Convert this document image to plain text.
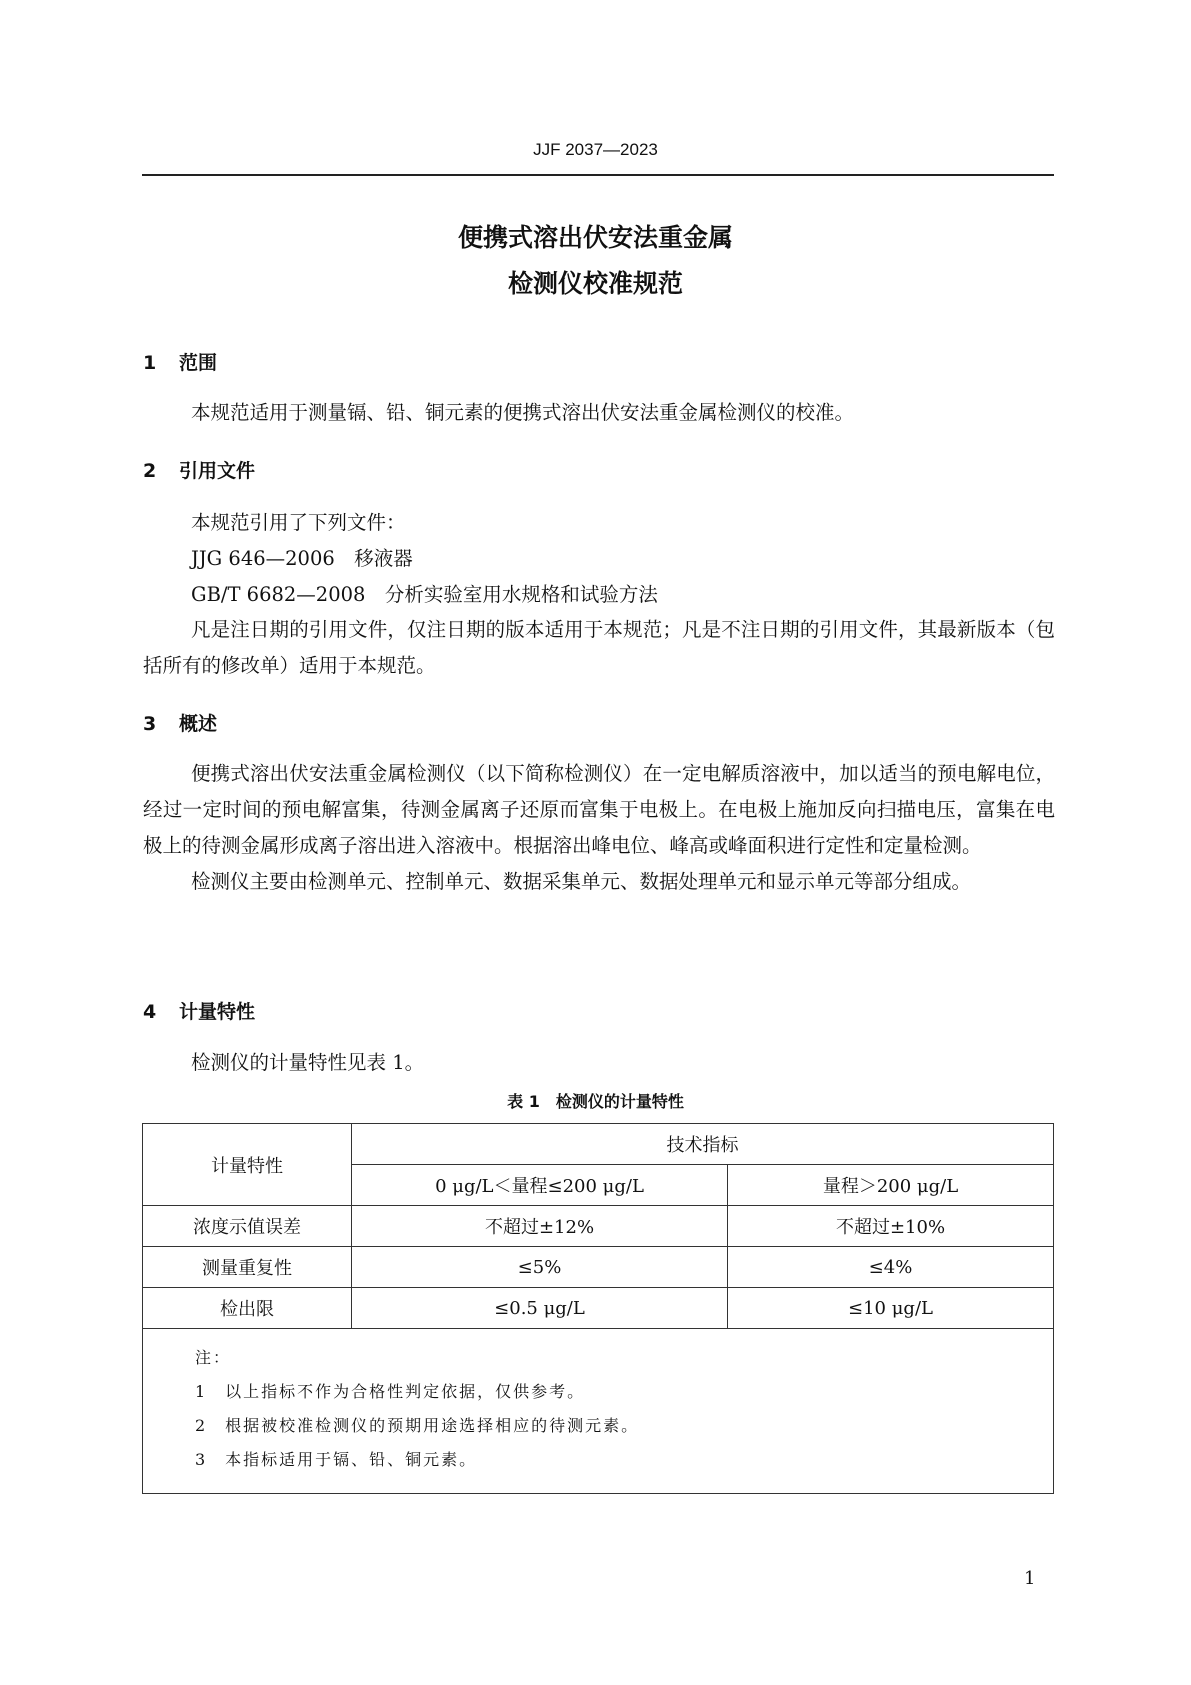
JJF 2037—2023
便携式溶出伏安法重金属
检测仪校准规范
1 范围
本规范适用于测量镉、铅、铜元素的便携式溶出伏安法重金属检测仪的校准。
2 引用文件
本规范引用了下列文件：
JJG 646—2006　移液器
GB/T 6682—2008　分析实验室用水规格和试验方法
凡是注日期的引用文件，仅注日期的版本适用于本规范；凡是不注日期的引用文件，其最新版本（包括所有的修改单）适用于本规范。
3 概述
便携式溶出伏安法重金属检测仪（以下简称检测仪）在一定电解质溶液中，加以适当的预电解电位，经过一定时间的预电解富集，待测金属离子还原而富集于电极上。在电极上施加反向扫描电压，富集在电极上的待测金属形成离子溶出进入溶液中。根据溶出峰电位、峰高或峰面积进行定性和定量检测。
检测仪主要由检测单元、控制单元、数据采集单元、数据处理单元和显示单元等部分组成。
4 计量特性
检测仪的计量特性见表 1。
表 1　检测仪的计量特性
计量特性	技术指标	
	0 μg/L＜量程≤200 μg/L	量程＞200 μg/L
浓度示值误差	不超过±12%	不超过±10%
测量重复性	≤5%	≤4%
检出限	≤0.5 μg/L	≤10 μg/L

注：
1　以上指标不作为合格性判定依据，仅供参考。
2　根据被校准检测仪的预期用途选择相应的待测元素。
3　本指标适用于镉、铅、铜元素。		
1
